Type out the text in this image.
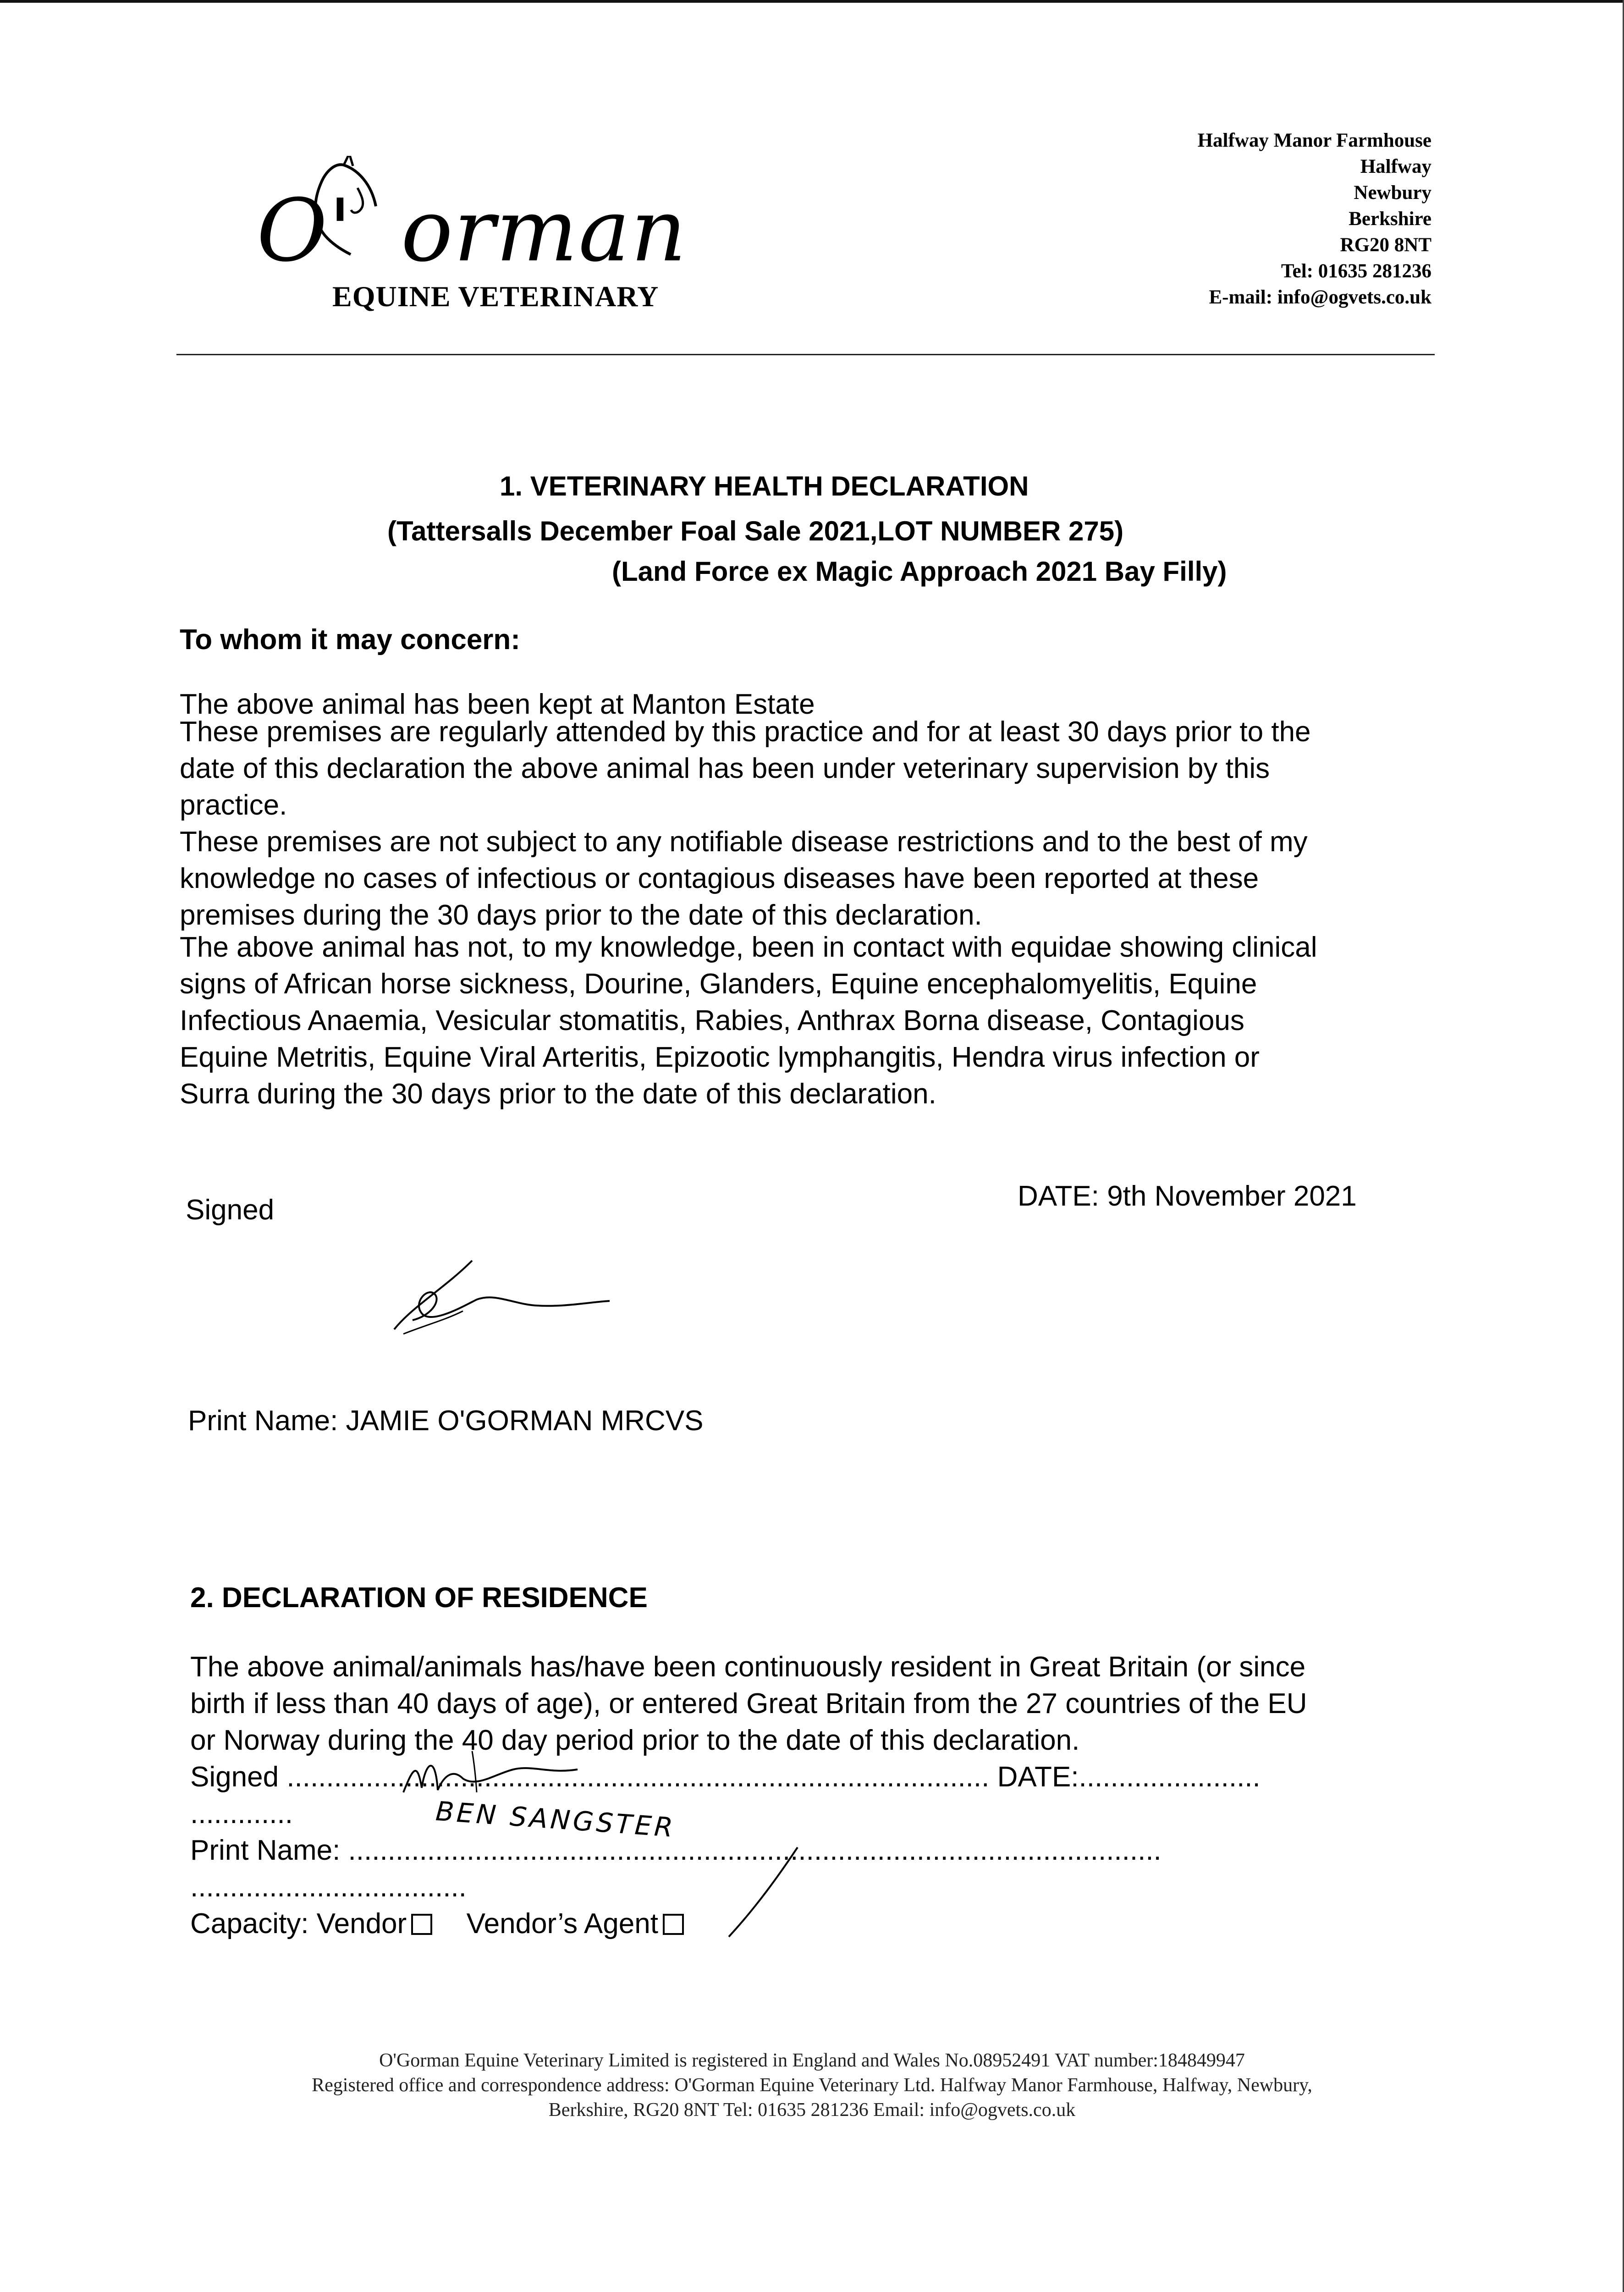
O' orman
EQUINE VETERINARY
Halfway Manor Farmhouse
Halfway
Newbury
Berkshire
RG20 8NT
Tel: 01635 281236
E-mail: info@ogvets.co.uk
1. VETERINARY HEALTH DECLARATION
(Tattersalls December Foal Sale 2021,LOT NUMBER 275)
(Land Force ex Magic Approach 2021 Bay Filly)
To whom it may concern:
The above animal has been kept at Manton Estate
These premises are regularly attended by this practice and for at least 30 days prior to the
date of this declaration the above animal has been under veterinary supervision by this
practice.
These premises are not subject to any notifiable disease restrictions and to the best of my
knowledge no cases of infectious or contagious diseases have been reported at these
premises during the 30 days prior to the date of this declaration.
The above animal has not, to my knowledge, been in contact with equidae showing clinical
signs of African horse sickness, Dourine, Glanders, Equine encephalomyelitis, Equine
Infectious Anaemia, Vesicular stomatitis, Rabies, Anthrax Borna disease, Contagious
Equine Metritis, Equine Viral Arteritis, Epizootic lymphangitis, Hendra virus infection or
Surra during the 30 days prior to the date of this declaration.
Signed	DATE: 9th November 2021
Print Name: JAMIE O'GORMAN MRCVS
2. DECLARATION OF RESIDENCE
The above animal/animals has/have been continuously resident in Great Britain (or since
birth if less than 40 days of age), or entered Great Britain from the 27 countries of the EU
or Norway during the 40 day period prior to the date of this declaration.
Signed ......................................................................................... DATE:.......................
.............
Print Name: .......................................................................................................
...................................
Capacity: Vendor Vendor’s Agent
BEN SANGSTER
O'Gorman Equine Veterinary Limited is registered in England and Wales No.08952491 VAT number:184849947
Registered office and correspondence address: O'Gorman Equine Veterinary Ltd. Halfway Manor Farmhouse, Halfway, Newbury,
Berkshire, RG20 8NT Tel: 01635 281236 Email: info@ogvets.co.uk
